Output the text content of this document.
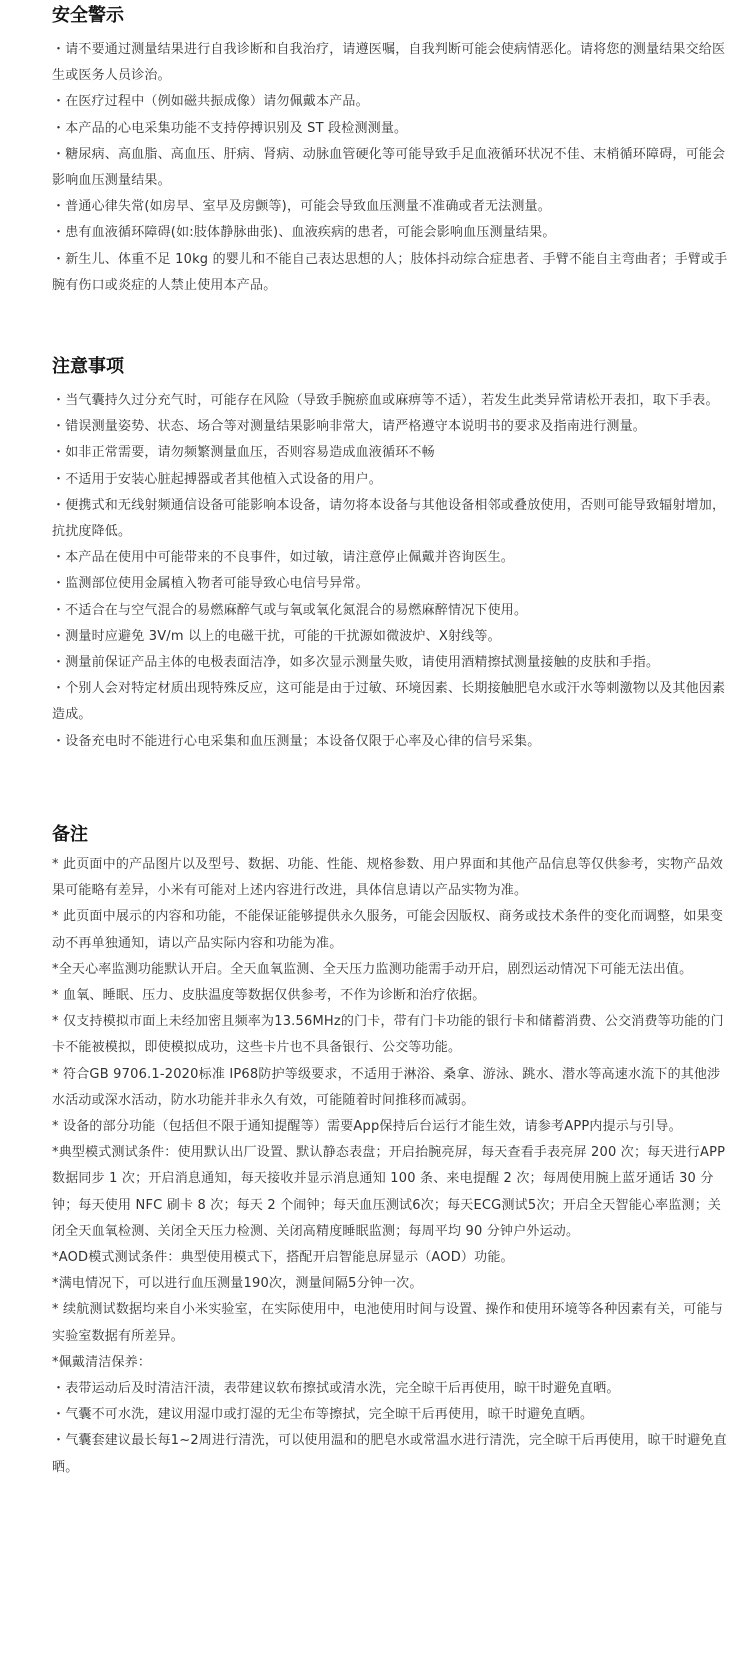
安全警示
・请不要通过测量结果进行自我诊断和自我治疗，请遵医嘱，自我判断可能会使病情恶化。请将您的测量结果交给医生或医务人员诊治。
・在医疗过程中（例如磁共振成像）请勿佩戴本产品。
・本产品的心电采集功能不支持停搏识别及 ST 段检测测量。
・糖尿病、高血脂、高血压、肝病、肾病、动脉血管硬化等可能导致手足血液循环状况不佳、末梢循环障碍，可能会影响血压测量结果。
・普通心律失常(如房早、室早及房颤等)，可能会导致血压测量不准确或者无法测量。
・患有血液循环障碍(如:肢体静脉曲张)、血液疾病的患者，可能会影响血压测量结果。
・新生儿、体重不足 10kg 的婴儿和不能自己表达思想的人；肢体抖动综合症患者、手臂不能自主弯曲者；手臂或手腕有伤口或炎症的人禁止使用本产品。
注意事项
・当气囊持久过分充气时，可能存在风险（导致手腕瘀血或麻痹等不适），若发生此类异常请松开表扣，取下手表。
・错误测量姿势、状态、场合等对测量结果影响非常大，请严格遵守本说明书的要求及指南进行测量。
・如非正常需要，请勿频繁测量血压，否则容易造成血液循环不畅
・不适用于安装心脏起搏器或者其他植入式设备的用户。
・便携式和无线射频通信设备可能影响本设备，请勿将本设备与其他设备相邻或叠放使用，否则可能导致辐射增加，抗扰度降低。
・本产品在使用中可能带来的不良事件，如过敏，请注意停止佩戴并咨询医生。
・监测部位使用金属植入物者可能导致心电信号异常。
・不适合在与空气混合的易燃麻醉气或与氧或氧化氮混合的易燃麻醉情况下使用。
・测量时应避免 3V/m 以上的电磁干扰，可能的干扰源如微波炉、X射线等。
・测量前保证产品主体的电极表面洁净，如多次显示测量失败，请使用酒精擦拭测量接触的皮肤和手指。
・个别人会对特定材质出现特殊反应，这可能是由于过敏、环境因素、长期接触肥皂水或汗水等刺激物以及其他因素造成。
・设备充电时不能进行心电采集和血压测量；本设备仅限于心率及心律的信号采集。
备注
* 此页面中的产品图片以及型号、数据、功能、性能、规格参数、用户界面和其他产品信息等仅供参考，实物产品效果可能略有差异，小米有可能对上述内容进行改进，具体信息请以产品实物为准。
* 此页面中展示的内容和功能，不能保证能够提供永久服务，可能会因版权、商务或技术条件的变化而调整，如果变动不再单独通知，请以产品实际内容和功能为准。
*全天心率监测功能默认开启。全天血氧监测、全天压力监测功能需手动开启，剧烈运动情况下可能无法出值。
* 血氧、睡眠、压力、皮肤温度等数据仅供参考，不作为诊断和治疗依据。
* 仅支持模拟市面上未经加密且频率为13.56MHz的门卡，带有门卡功能的银行卡和储蓄消费、公交消费等功能的门卡不能被模拟，即使模拟成功，这些卡片也不具备银行、公交等功能。
* 符合GB 9706.1-2020标准 IP68防护等级要求，不适用于淋浴、桑拿、游泳、跳水、潜水等高速水流下的其他涉水活动或深水活动，防水功能并非永久有效，可能随着时间推移而减弱。
* 设备的部分功能（包括但不限于通知提醒等）需要App保持后台运行才能生效，请参考APP内提示与引导。
*典型模式测试条件：使用默认出厂设置、默认静态表盘；开启抬腕亮屏，每天查看手表亮屏 200 次；每天进行APP数据同步 1 次；开启消息通知，每天接收并显示消息通知 100 条、来电提醒 2 次；每周使用腕上蓝牙通话 30 分钟；每天使用 NFC 刷卡 8 次；每天 2 个闹钟；每天血压测试6次；每天ECG测试5次；开启全天智能心率监测；关闭全天血氧检测、关闭全天压力检测、关闭高精度睡眠监测；每周平均 90 分钟户外运动。
*AOD模式测试条件：典型使用模式下，搭配开启智能息屏显示（AOD）功能。
*满电情况下，可以进行血压测量190次，测量间隔5分钟一次。
* 续航测试数据均来自小米实验室，在实际使用中，电池使用时间与设置、操作和使用环境等各种因素有关，可能与实验室数据有所差异。
*佩戴清洁保养：
・表带运动后及时清洁汗渍，表带建议软布擦拭或清水洗，完全晾干后再使用，晾干时避免直晒。
・气囊不可水洗，建议用湿巾或打湿的无尘布等擦拭，完全晾干后再使用，晾干时避免直晒。
・气囊套建议最长每1~2周进行清洗，可以使用温和的肥皂水或常温水进行清洗，完全晾干后再使用，晾干时避免直晒。
